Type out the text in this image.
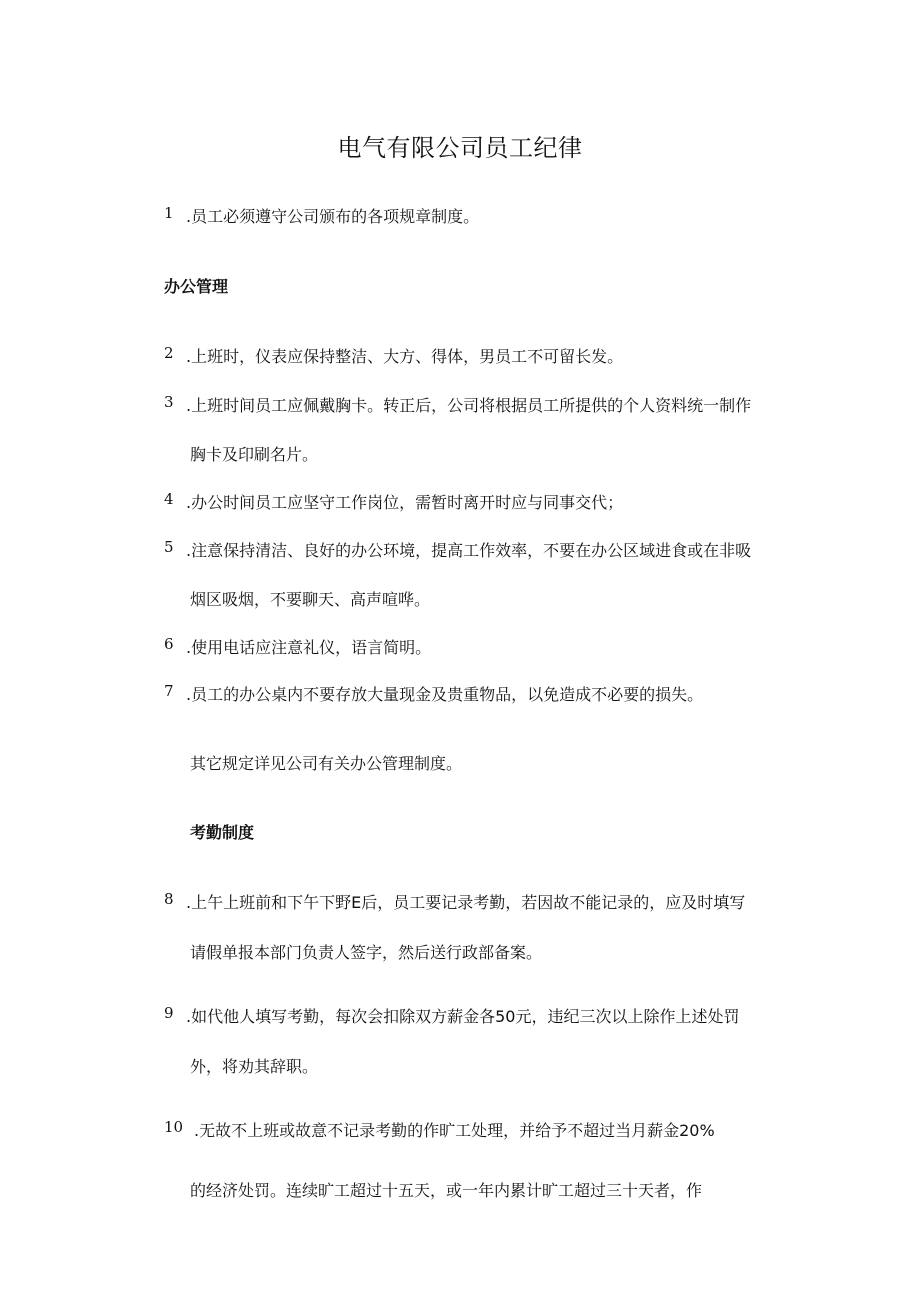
电气有限公司员工纪律
1 .员工必须遵守公司颁布的各项规章制度。
办公管理
2 .上班时，仪表应保持整洁、大方、得体，男员工不可留长发。
3 .上班时间员工应佩戴胸卡。转正后，公司将根据员工所提供的个人资料统一制作
胸卡及印刷名片。
4 .办公时间员工应坚守工作岗位，需暂时离开时应与同事交代；
5 .注意保持清洁、良好的办公环境，提高工作效率，不要在办公区域进食或在非吸
烟区吸烟，不要聊天、高声喧哗。
6 .使用电话应注意礼仪，语言简明。
7 .员工的办公桌内不要存放大量现金及贵重物品，以免造成不必要的损失。
其它规定详见公司有关办公管理制度。
考勤制度
8 .上午上班前和下午下野E后，员工要记录考勤，若因故不能记录的，应及时填写
请假单报本部门负责人签字，然后送行政部备案。
9 .如代他人填写考勤，每次会扣除双方薪金各50元，违纪三次以上除作上述处罚
外，将劝其辞职。
10 .无故不上班或故意不记录考勤的作旷工处理，并给予不超过当月薪金20%
的经济处罚。连续旷工超过十五天，或一年内累计旷工超过三十天者，作
